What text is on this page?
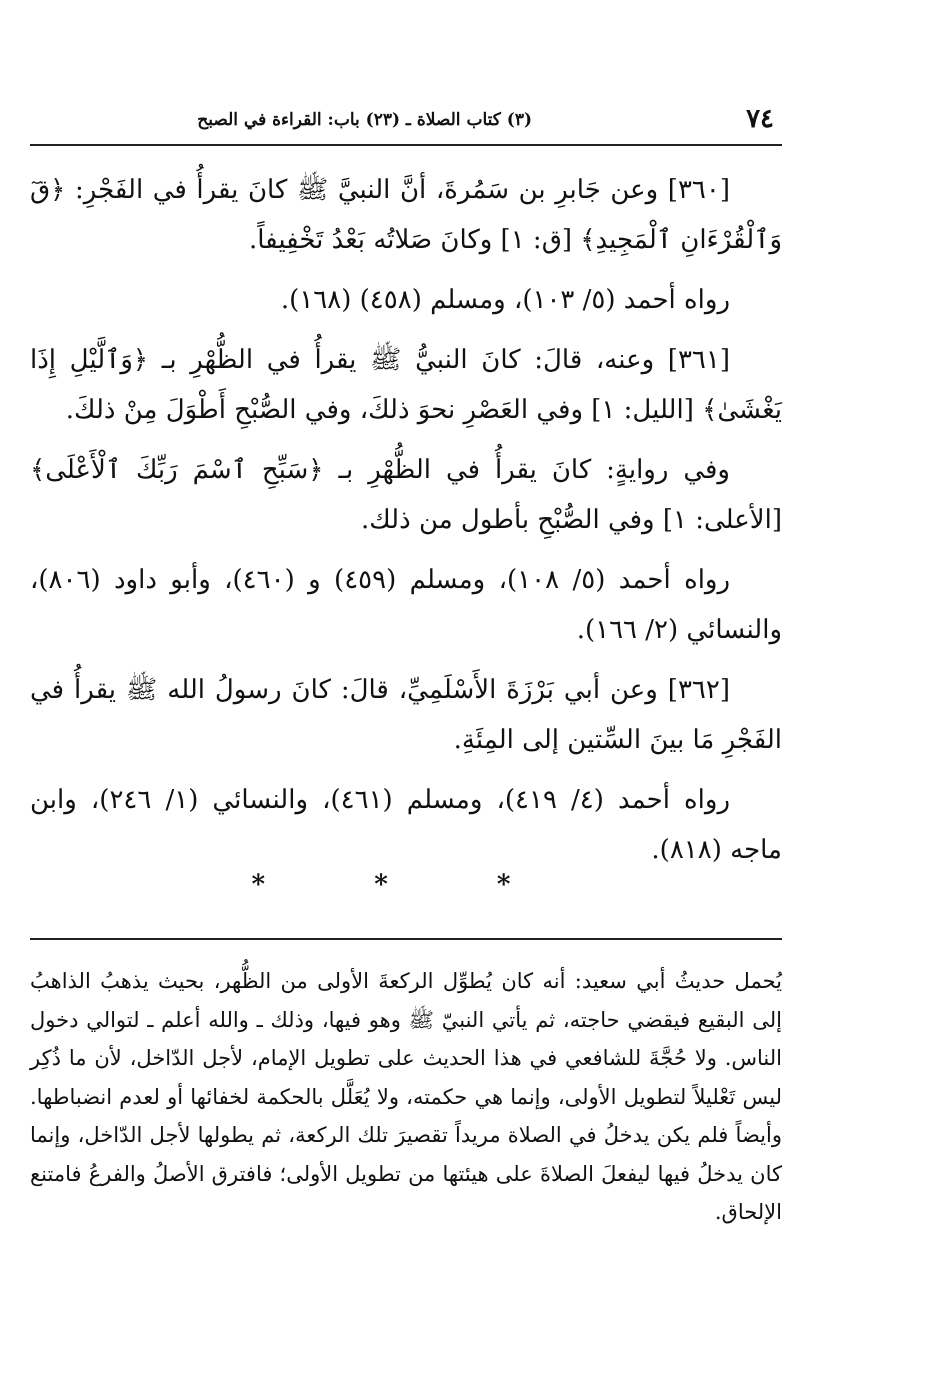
٧٤
(٣) كتاب الصلاة ـ (٢٣) باب: القراءة في الصبح

[٣٦٠] وعن جَابرِ بن سَمُرةَ، أنَّ النبيَّ ﷺ كانَ يقرأُ في الفَجْرِ: ﴿قٓ وَٱلْقُرْءَانِ ٱلْمَجِيدِ﴾ [ق: ١] وكانَ صَلاتُه بَعْدُ تَخْفِيفاً.

رواه أحمد (٥/ ١٠٣)، ومسلم (٤٥٨) (١٦٨).

[٣٦١] وعنه، قالَ: كانَ النبيُّ ﷺ يقرأُ في الظُّهْرِ بـ ﴿وَٱلَّيْلِ إِذَا يَغْشَىٰ﴾ [الليل: ١] وفي العَصْرِ نحوَ ذلكَ، وفي الصُّبْحِ أَطْوَلَ مِنْ ذلكَ.

وفي روايةٍ: كانَ يقرأُ في الظُّهْرِ بـ ﴿سَبِّحِ ٱسْمَ رَبِّكَ ٱلْأَعْلَى﴾ [الأعلى: ١] وفي الصُّبْحِ بأطول من ذلك.

رواه أحمد (٥/ ١٠٨)، ومسلم (٤٥٩) و (٤٦٠)، وأبو داود (٨٠٦)، والنسائي (٢/ ١٦٦).

[٣٦٢] وعن أبي بَرْزَةَ الأَسْلَمِيِّ، قالَ: كانَ رسولُ الله ﷺ يقرأُ في الفَجْرِ مَا بينَ السِّتين إلى المِئَةِ.

رواه أحمد (٤/ ٤١٩)، ومسلم (٤٦١)، والنسائي (١/ ٢٤٦)، وابن ماجه (٨١٨).

* * *

يُحمل حديثُ أبي سعيد: أنه كان يُطوِّل الركعةَ الأولى من الظُّهر، بحيث يذهبُ الذاهبُ إلى البقيع فيقضي حاجته، ثم يأتي النبيّ ﷺ وهو فيها، وذلك ـ والله أعلم ـ لتوالي دخول الناس. ولا حُجَّةَ للشافعي في هذا الحديث على تطويل الإمام، لأجل الدّاخل، لأن ما ذُكِر ليس تَعْليلاً لتطويل الأولى، وإنما هي حكمته، ولا يُعَلَّل بالحكمة لخفائها أو لعدم انضباطها. وأيضاً فلم يكن يدخلُ في الصلاة مريداً تقصيرَ تلك الركعة، ثم يطولها لأجل الدّاخل، وإنما كان يدخلُ فيها ليفعلَ الصلاةَ على هيئتها من تطويل الأولى؛ فافترق الأصلُ والفرعُ فامتنع الإلحاق.
